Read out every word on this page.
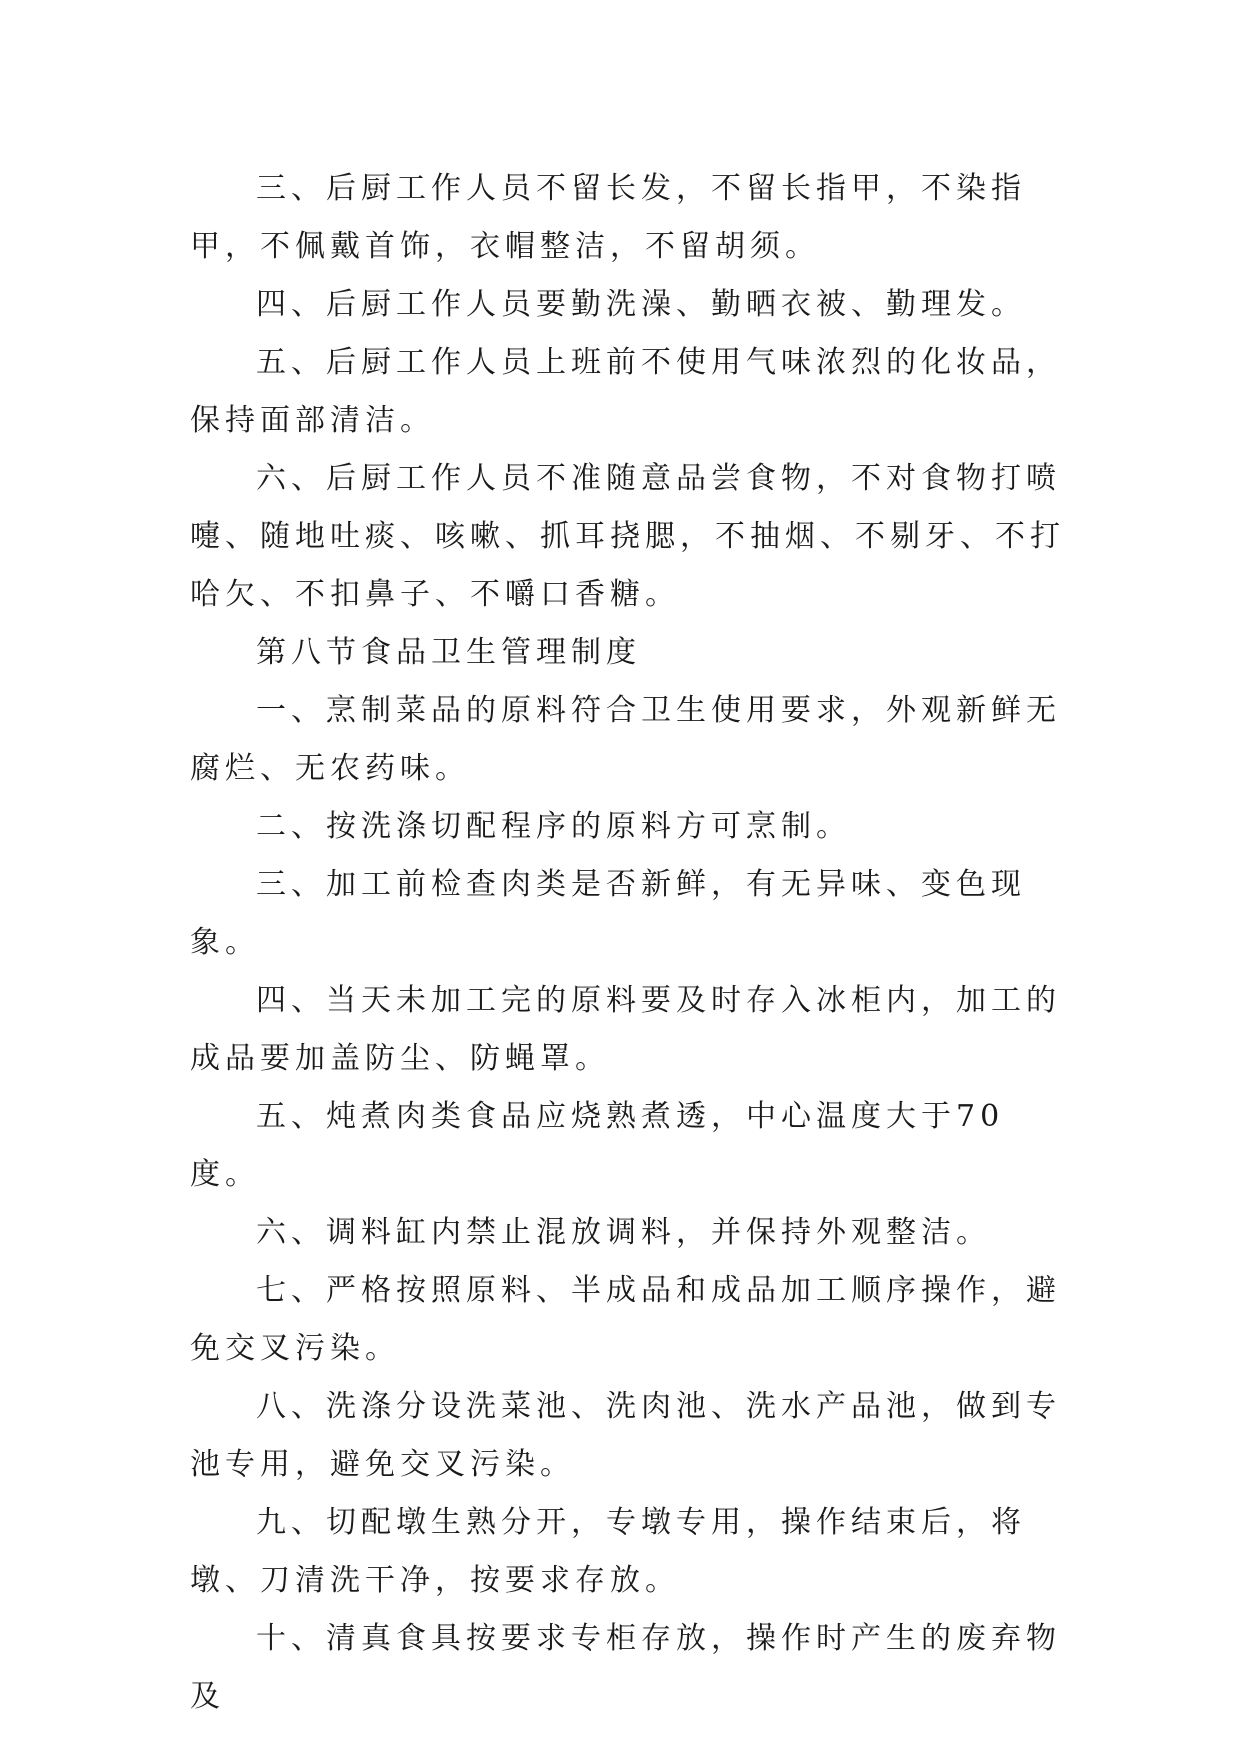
三、后厨工作人员不留长发，不留长指甲，不染指甲，不佩戴首饰，衣帽整洁，不留胡须。

四、后厨工作人员要勤洗澡、勤晒衣被、勤理发。

五、后厨工作人员上班前不使用气味浓烈的化妆品，保持面部清洁。

六、后厨工作人员不准随意品尝食物，不对食物打喷嚏、随地吐痰、咳嗽、抓耳挠腮，不抽烟、不剔牙、不打哈欠、不扣鼻子、不嚼口香糖。

第八节食品卫生管理制度

一、烹制菜品的原料符合卫生使用要求，外观新鲜无腐烂、无农药味。

二、按洗涤切配程序的原料方可烹制。

三、加工前检查肉类是否新鲜，有无异味、变色现象。

四、当天未加工完的原料要及时存入冰柜内，加工的成品要加盖防尘、防蝇罩。

五、炖煮肉类食品应烧熟煮透，中心温度大于70度。

六、调料缸内禁止混放调料，并保持外观整洁。

七、严格按照原料、半成品和成品加工顺序操作，避免交叉污染。

八、洗涤分设洗菜池、洗肉池、洗水产品池，做到专池专用，避免交叉污染。

九、切配墩生熟分开，专墩专用，操作结束后，将墩、刀清洗干净，按要求存放。

十、清真食具按要求专柜存放，操作时产生的废弃物及
